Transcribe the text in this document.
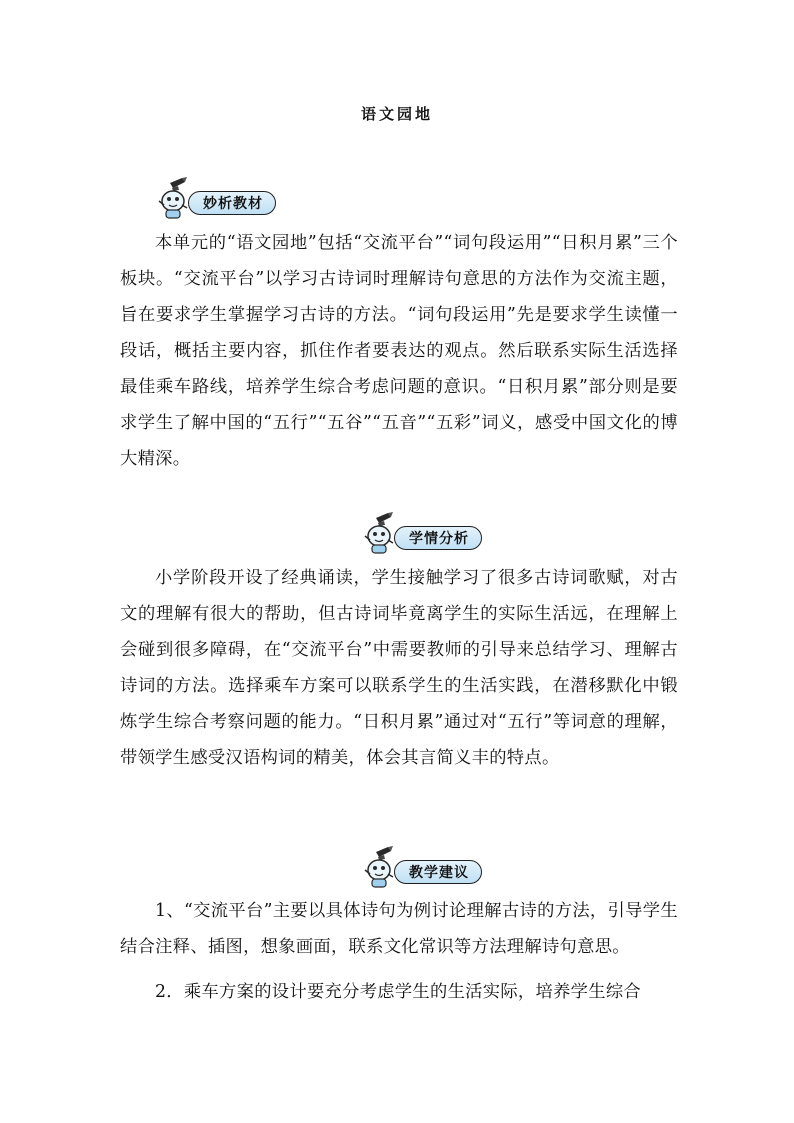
语文园地
妙析教材

本单元的“语文园地”包括“交流平台”“词句段运用”“日积月累”三个板块。“交流平台”以学习古诗词时理解诗句意思的方法作为交流主题，旨在要求学生掌握学习古诗的方法。“词句段运用”先是要求学生读懂一段话，概括主要内容，抓住作者要表达的观点。然后联系实际生活选择最佳乘车路线，培养学生综合考虑问题的意识。“日积月累”部分则是要求学生了解中国的“五行”“五谷”“五音”“五彩”词义，感受中国文化的博大精深。

学情分析

小学阶段开设了经典诵读，学生接触学习了很多古诗词歌赋，对古文的理解有很大的帮助，但古诗词毕竟离学生的实际生活远，在理解上会碰到很多障碍，在“交流平台”中需要教师的引导来总结学习、理解古诗词的方法。选择乘车方案可以联系学生的生活实践，在潜移默化中锻炼学生综合考察问题的能力。“日积月累”通过对“五行”等词意的理解，带领学生感受汉语构词的精美，体会其言简义丰的特点。

教学建议

1、“交流平台”主要以具体诗句为例讨论理解古诗的方法，引导学生结合注释、插图，想象画面，联系文化常识等方法理解诗句意思。

2．乘车方案的设计要充分考虑学生的生活实际，培养学生综合
